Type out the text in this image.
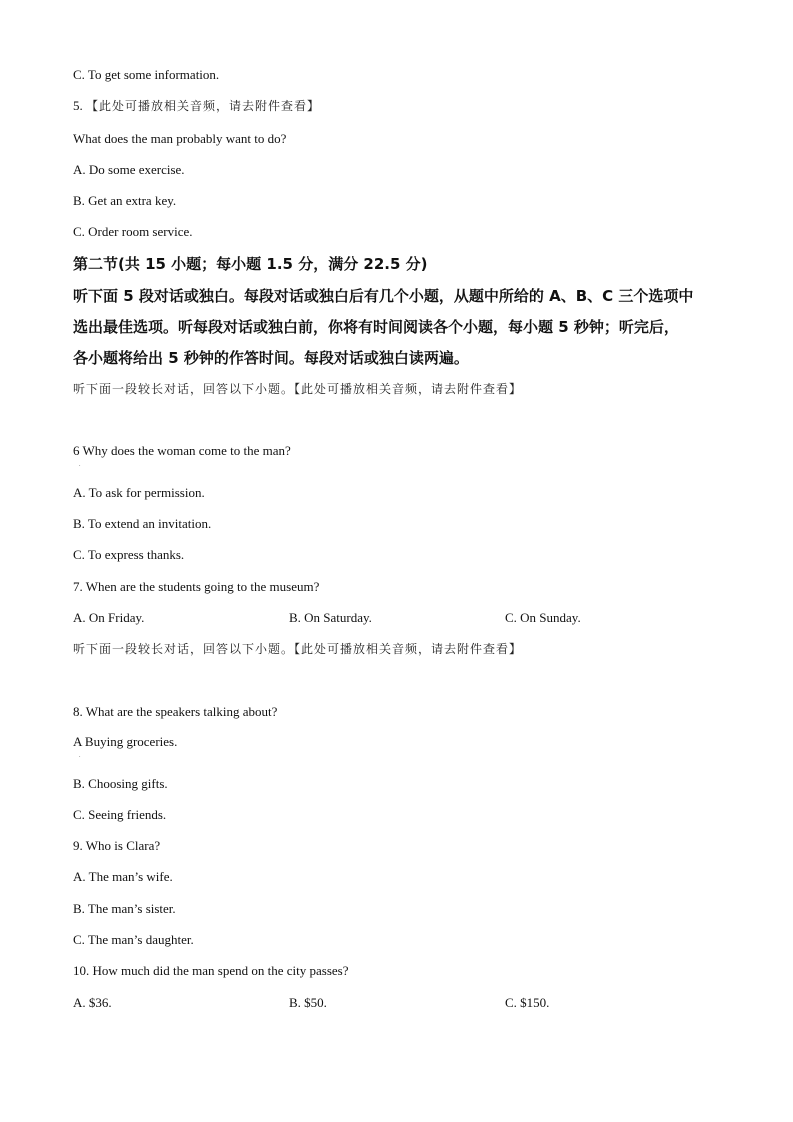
C. To get some information.
5. 【此处可播放相关音频，请去附件查看】
What does the man probably want to do?
A. Do some exercise.
B. Get an extra key.
C. Order room service.
第二节(共 15 小题；每小题 1.5 分，满分 22.5 分)
听下面 5 段对话或独白。每段对话或独白后有几个小题，从题中所给的 A、B、C 三个选项中
选出最佳选项。听每段对话或独白前，你将有时间阅读各个小题，每小题 5 秒钟；听完后，
各小题将给出 5 秒钟的作答时间。每段对话或独白读两遍。
听下面一段较长对话，回答以下小题。【此处可播放相关音频，请去附件查看】
6 Why does the woman come to the man?
.
A. To ask for permission.
B. To extend an invitation.
C. To express thanks.
7. When are the students going to the museum?
A. On Friday.	B. On Saturday.	C. On Sunday.
听下面一段较长对话，回答以下小题。【此处可播放相关音频，请去附件查看】
8. What are the speakers talking about?
A Buying groceries.
.
B. Choosing gifts.
C. Seeing friends.
9. Who is Clara?
A. The man’s wife.
B. The man’s sister.
C. The man’s daughter.
10. How much did the man spend on the city passes?
A. $36.	B. $50.	C. $150.
